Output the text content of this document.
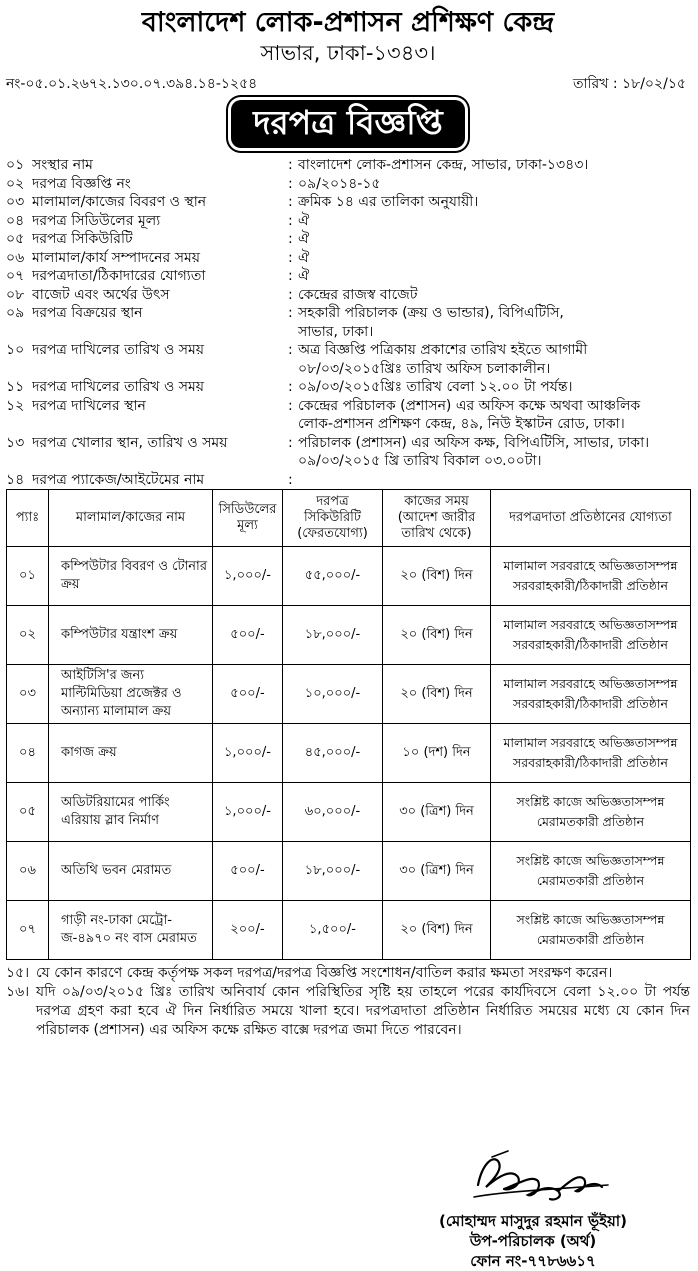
বাংলাদেশ লোক-প্রশাসন প্রশিক্ষণ কেন্দ্র
সাভার, ঢাকা-১৩৪৩।
নং-০৫.০১.২৬৭২.১৩০.০৭.৩৯৪.১৪-১২৫৪	তারিখ : ১৮/০২/১৫
দরপত্র বিজ্ঞপ্তি
০১ সংস্থার নাম	: বাংলাদেশ লোক-প্রশাসন কেন্দ্র, সাভার, ঢাকা-১৩৪৩।
০২ দরপত্র বিজ্ঞপ্তি নং	: ০৯/২০১৪-১৫
০৩ মালামাল/কাজের বিবরণ ও স্থান	: ক্রমিক ১৪ এর তালিকা অনুযায়ী।
০৪ দরপত্র সিডিউলের মূল্য	: ঐ
০৫ দরপত্র সিকিউরিটি	: ঐ
০৬ মালামাল/কার্য সম্পাদনের সময়	: ঐ
০৭ দরপত্রদাতা/ঠিকাদারের যোগ্যতা	: ঐ
০৮ বাজেট এবং অর্থের উৎস	: কেন্দ্রের রাজস্ব বাজেট
০৯ দরপত্র বিক্রয়ের স্থান	: সহকারী পরিচালক (ক্রয় ও ভান্ডার), বিপিএটিসি,
সাভার, ঢাকা।
১০ দরপত্র দাখিলের তারিখ ও সময়	: অত্র বিজ্ঞপ্তি পত্রিকায় প্রকাশের তারিখ হইতে আগামী
০৮/০৩/২০১৫খ্রিঃ তারিখ অফিস চলাকালীন।
১১ দরপত্র দাখিলের তারিখ ও সময়	: ০৯/০৩/২০১৫খ্রিঃ তারিখ বেলা ১২.০০ টা পর্যন্ত।
১২ দরপত্র দাখিলের স্থান	: কেন্দ্রের পরিচালক (প্রশাসন) এর অফিস কক্ষে অথবা আঞ্চলিক
লোক-প্রশাসন প্রশিক্ষণ কেন্দ্র, ৪৯, নিউ ইস্কাটন রোড, ঢাকা।
১৩ দরপত্র খোলার স্থান, তারিখ ও সময়	: পরিচালক (প্রশাসন) এর অফিস কক্ষ, বিপিএটিসি, সাভার, ঢাকা।
০৯/০৩/২০১৫ খ্রি তারিখ বিকাল ০৩.০০টা।
১৪ দরপত্র প্যাকেজ/আইটেমের নাম	:
প্যাঃ	মালামাল/কাজের নাম	সিডিউলের মূল্য	দরপত্র সিকিউরিটি (ফেরতযোগ্য)	কাজের সময় (আদেশ জারীর তারিখ থেকে)	দরপত্রদাতা প্রতিষ্ঠানের যোগ্যতা
০১	কম্পিউটার বিবরণ ও টোনার ক্রয়	১,০০০/-	৫৫,০০০/-	২০ (বিশ) দিন	মালামাল সরবরাহে অভিজ্ঞতাসম্পন্ন সরবরাহকারী/ঠিকাদারী প্রতিষ্ঠান
০২	কম্পিউটার যন্ত্রাংশ ক্রয়	৫০০/-	১৮,০০০/-	২০ (বিশ) দিন	মালামাল সরবরাহে অভিজ্ঞতাসম্পন্ন সরবরাহকারী/ঠিকাদারী প্রতিষ্ঠান
০৩	আইটিসি'র জন্য মাল্টিমিডিয়া প্রজেক্টর ও অন্যান্য মালামাল ক্রয়	৫০০/-	১০,০০০/-	২০ (বিশ) দিন	মালামাল সরবরাহে অভিজ্ঞতাসম্পন্ন সরবরাহকারী/ঠিকাদারী প্রতিষ্ঠান
০৪	কাগজ ক্রয়	১,০০০/-	৪৫,০০০/-	১০ (দশ) দিন	মালামাল সরবরাহে অভিজ্ঞতাসম্পন্ন সরবরাহকারী/ঠিকাদারী প্রতিষ্ঠান
০৫	অডিটরিয়ামের পার্কিং এরিয়ায় স্লাব নির্মাণ	১,০০০/-	৬০,০০০/-	৩০ (ত্রিশ) দিন	সংশ্লিষ্ট কাজে অভিজ্ঞতাসম্পন্ন মেরামতকারী প্রতিষ্ঠান
০৬	অতিথি ভবন মেরামত	৫০০/-	১৮,০০০/-	৩০ (ত্রিশ) দিন	সংশ্লিষ্ট কাজে অভিজ্ঞতাসম্পন্ন মেরামতকারী প্রতিষ্ঠান
০৭	গাড়ী নং-ঢাকা মেট্রো-জ-৪৯৭০ নং বাস মেরামত	২০০/-	১,৫০০/-	২০ (বিশ) দিন	সংশ্লিষ্ট কাজে অভিজ্ঞতাসম্পন্ন মেরামতকারী প্রতিষ্ঠান
১৫। যে কোন কারণে কেন্দ্র কর্তৃপক্ষ সকল দরপত্র/দরপত্র বিজ্ঞপ্তি সংশোধন/বাতিল করার ক্ষমতা সংরক্ষণ করেন।
১৬। যদি ০৯/০৩/২০১৫ খ্রিঃ তারিখ অনিবার্য কোন পরিস্থিতির সৃষ্টি হয় তাহলে পরের কার্যদিবসে বেলা ১২.০০ টা পর্যন্ত দরপত্র গ্রহণ করা হবে ঐ দিন নির্ধারিত সময়ে খালা হবে। দরপত্রদাতা প্রতিষ্ঠান নির্ধারিত সময়ের মধ্যে যে কোন দিন পরিচালক (প্রশাসন) এর অফিস কক্ষে রক্ষিত বাক্সে দরপত্র জমা দিতে পারবেন।
(মোহাম্মদ মাসুদুর রহমান ভূঁইয়া)
উপ-পরিচালক (অর্থ)
ফোন নং-৭৭৮৬৬১৭
